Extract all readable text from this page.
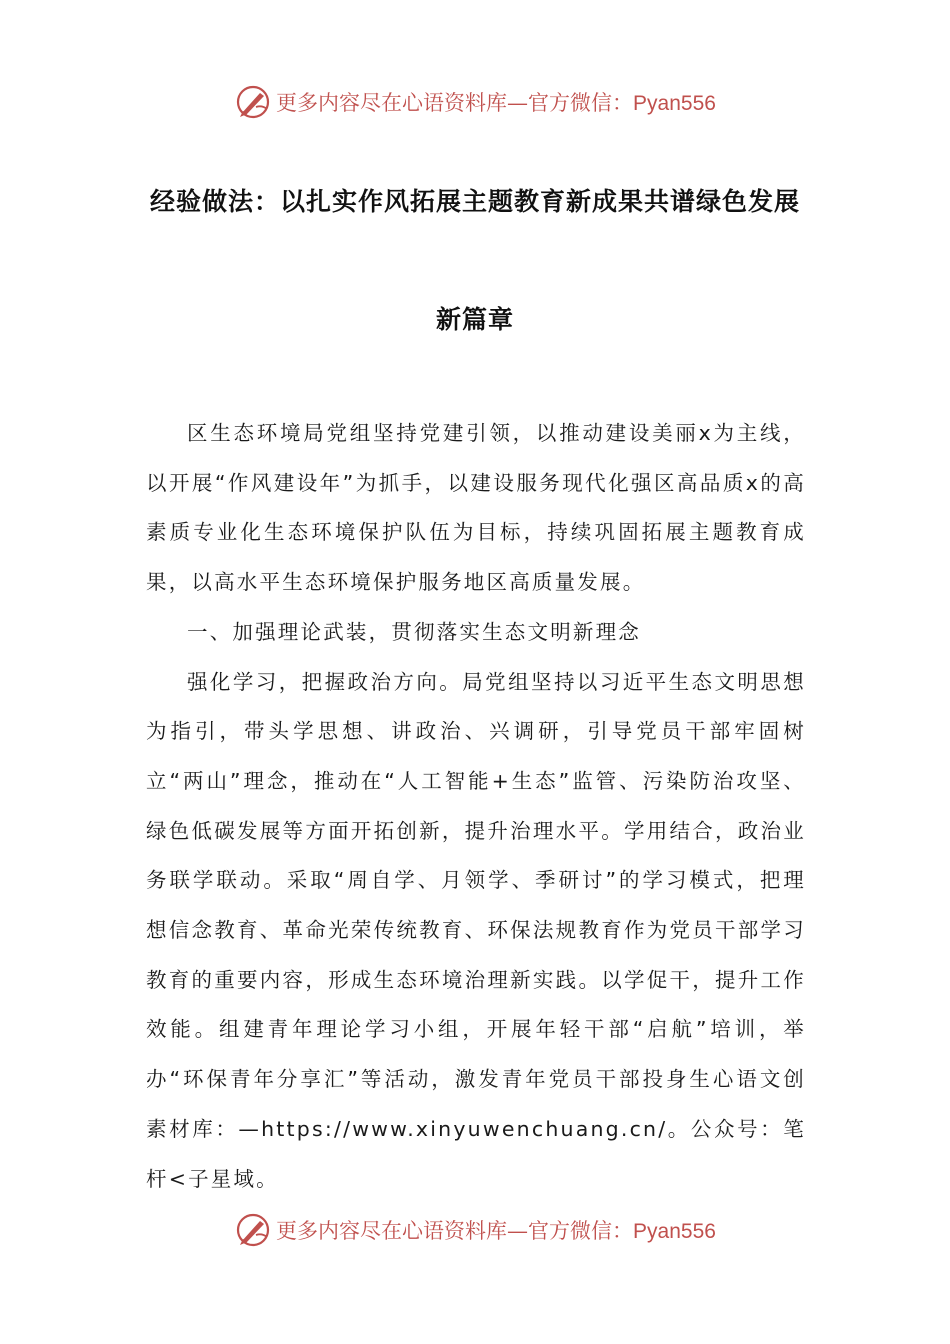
更多内容尽在心语资料库—官方微信：Pyan556
经验做法：以扎实作风拓展主题教育新成果共谱绿色发展
新篇章

区生态环境局党组坚持党建引领，以推动建设美丽x为主线，以开展“作风建设年”为抓手，以建设服务现代化强区高品质x的高素质专业化生态环境保护队伍为目标，持续巩固拓展主题教育成果，以高水平生态环境保护服务地区高质量发展。

一、加强理论武装，贯彻落实生态文明新理念

强化学习，把握政治方向。局党组坚持以习近平生态文明思想为指引，带头学思想、讲政治、兴调研，引导党员干部牢固树立“两山”理念，推动在“人工智能+生态”监管、污染防治攻坚、绿色低碳发展等方面开拓创新，提升治理水平。学用结合，政治业务联学联动。采取“周自学、月领学、季研讨”的学习模式，把理想信念教育、革命光荣传统教育、环保法规教育作为党员干部学习教育的重要内容，形成生态环境治理新实践。以学促干，提升工作效能。组建青年理论学习小组，开展年轻干部“启航”培训，举办“环保青年分享汇”等活动，激发青年党员干部投身生心语文创素材库：—https://www.xinyuwenchuang.cn/。公众号：笔杆<子星域。

更多内容尽在心语资料库—官方微信：Pyan556
